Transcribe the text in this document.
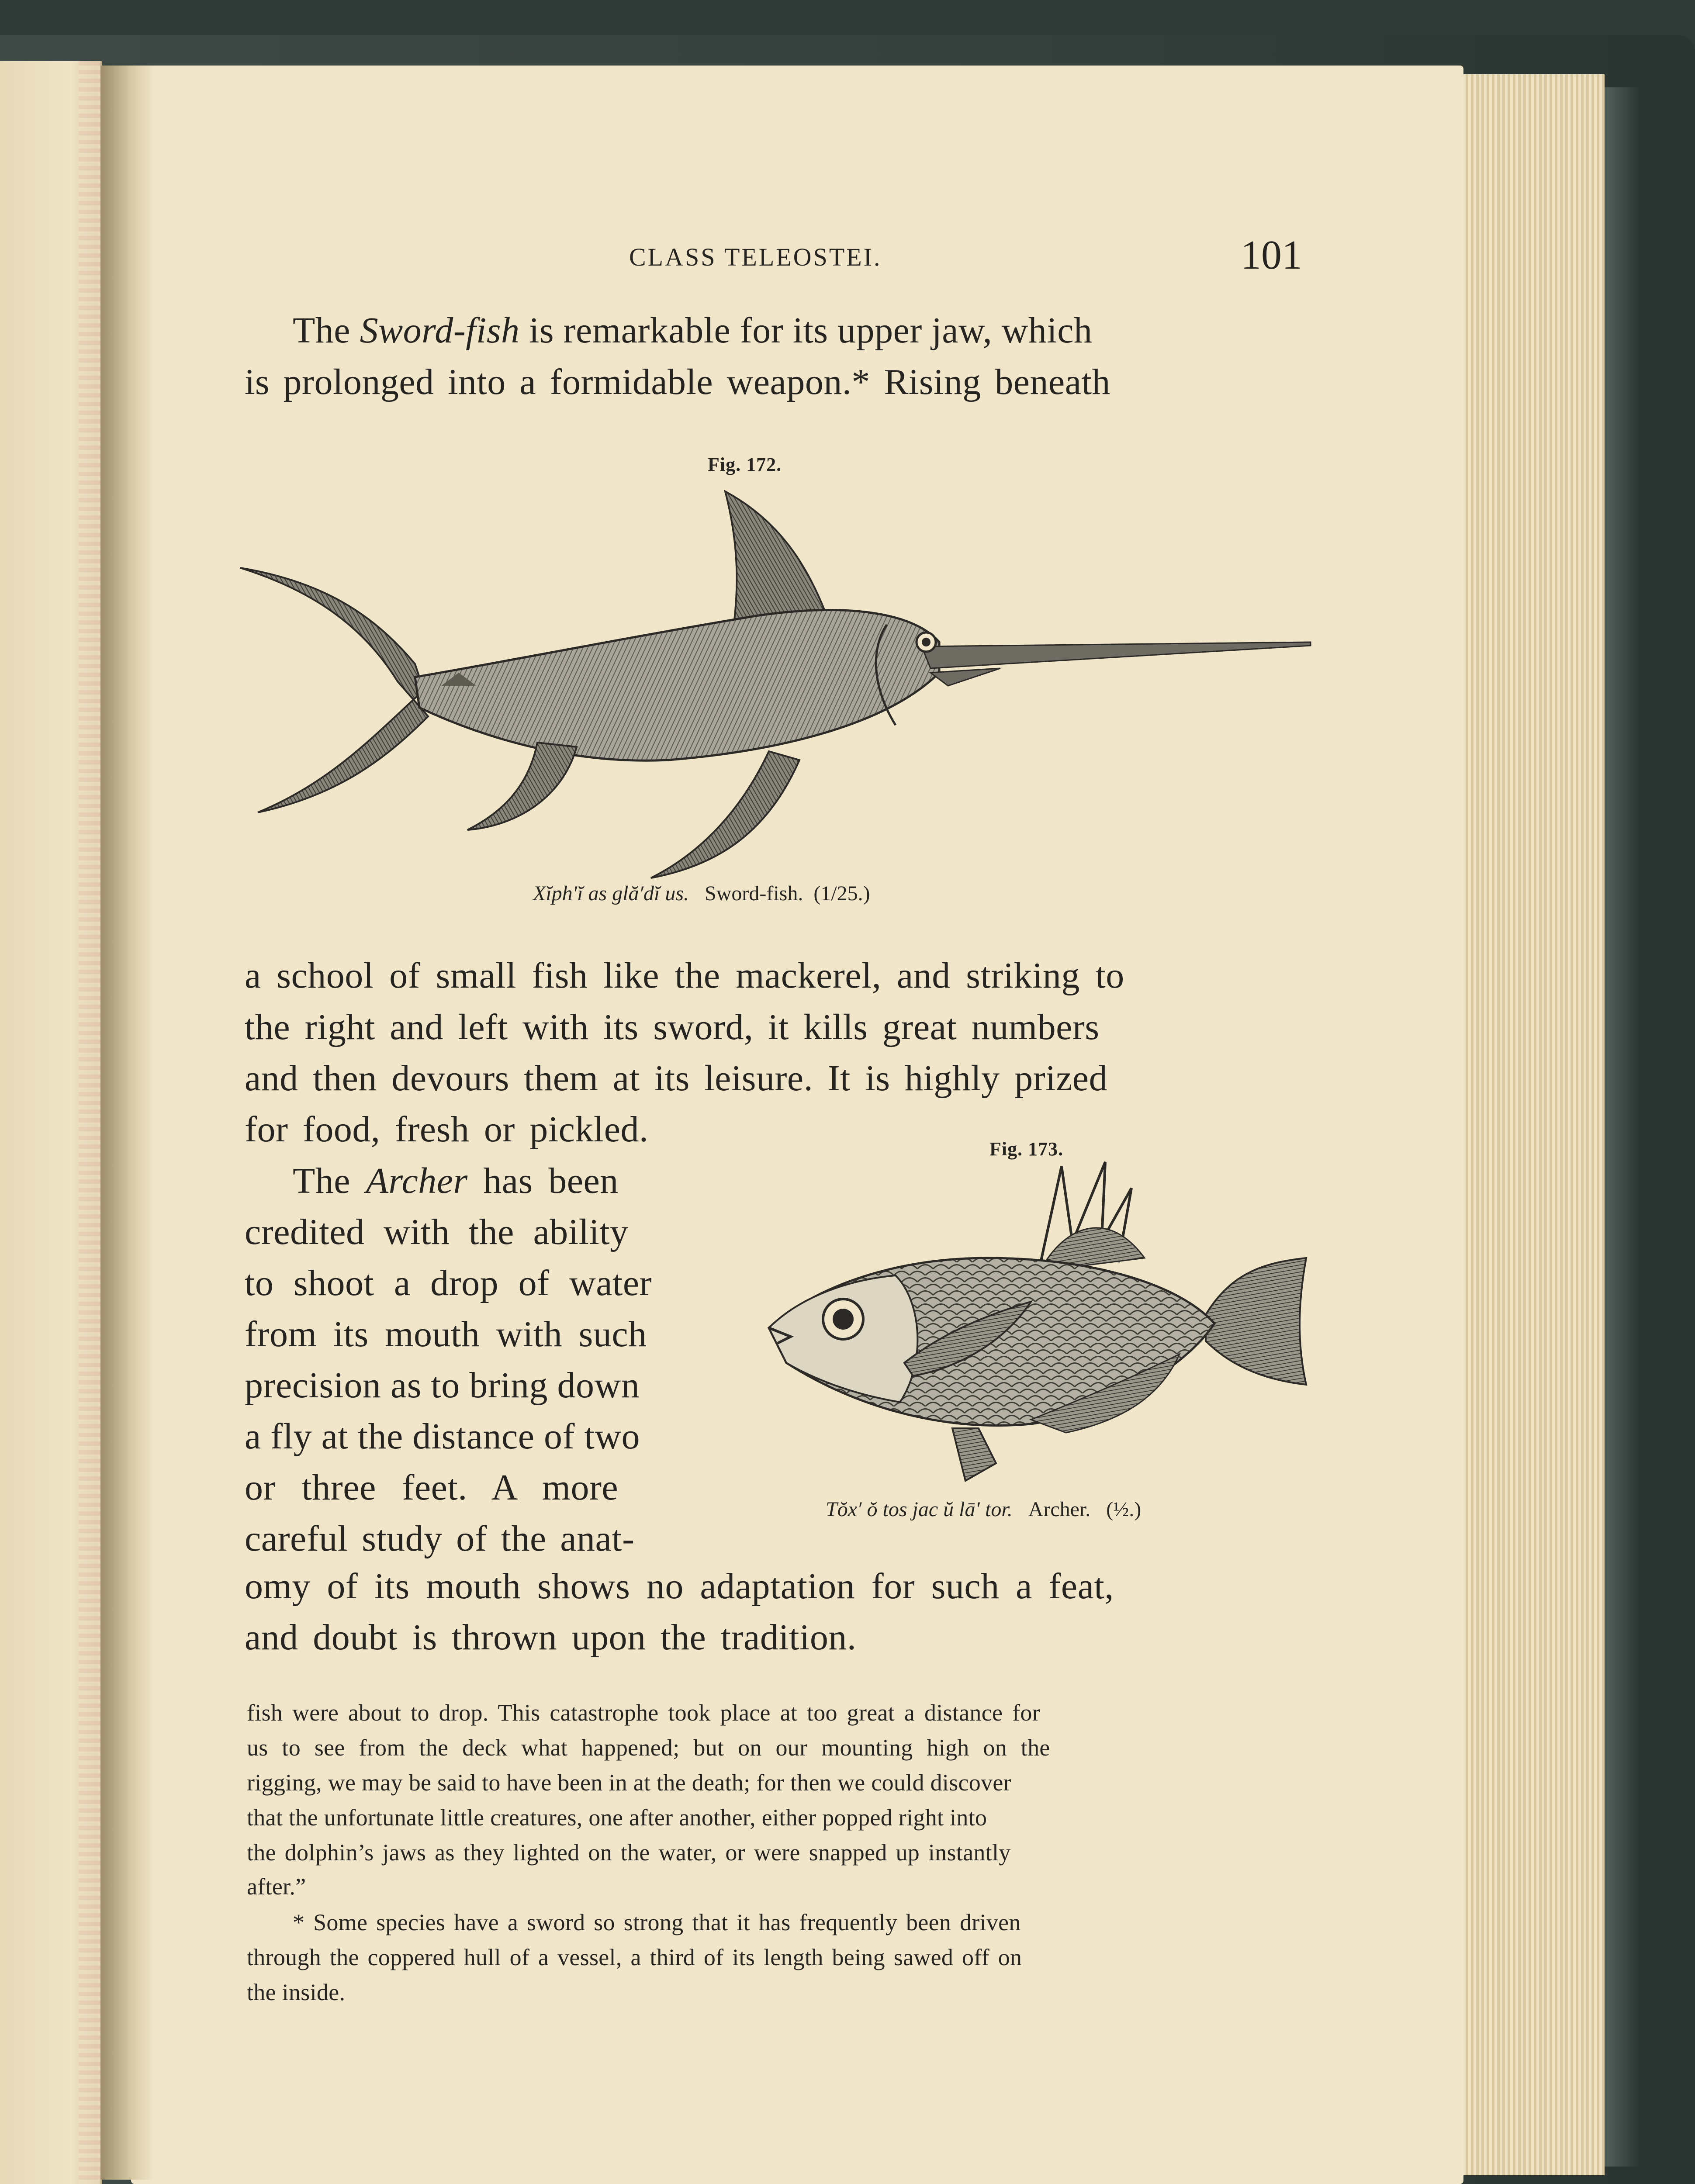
CLASS TELEOSTEI.	101
The Sword-fish is remarkable for its upper jaw, which
is prolonged into a formidable weapon.* Rising beneath
Fig. 172.
Xĭph′ĭ as glă′dĭ us. Sword-fish. (1/25.)
a school of small fish like the mackerel, and striking to
the right and left with its sword, it kills great numbers
and then devours them at its leisure. It is highly prized
for food, fresh or pickled.	Fig. 173.
The Archer has been
credited with the ability
to shoot a drop of water
from its mouth with such
precision as to bring down
a fly at the distance of two
or three feet. A more
careful study of the anat-
Tŏx′ ŏ tos jac ŭ lā′ tor. Archer. (½.)
omy of its mouth shows no adaptation for such a feat,
and doubt is thrown upon the tradition.
fish were about to drop. This catastrophe took place at too great a distance for
us to see from the deck what happened; but on our mounting high on the
rigging, we may be said to have been in at the death; for then we could discover
that the unfortunate little creatures, one after another, either popped right into
the dolphin’s jaws as they lighted on the water, or were snapped up instantly
after.”
* Some species have a sword so strong that it has frequently been driven
through the coppered hull of a vessel, a third of its length being sawed off on
the inside.
